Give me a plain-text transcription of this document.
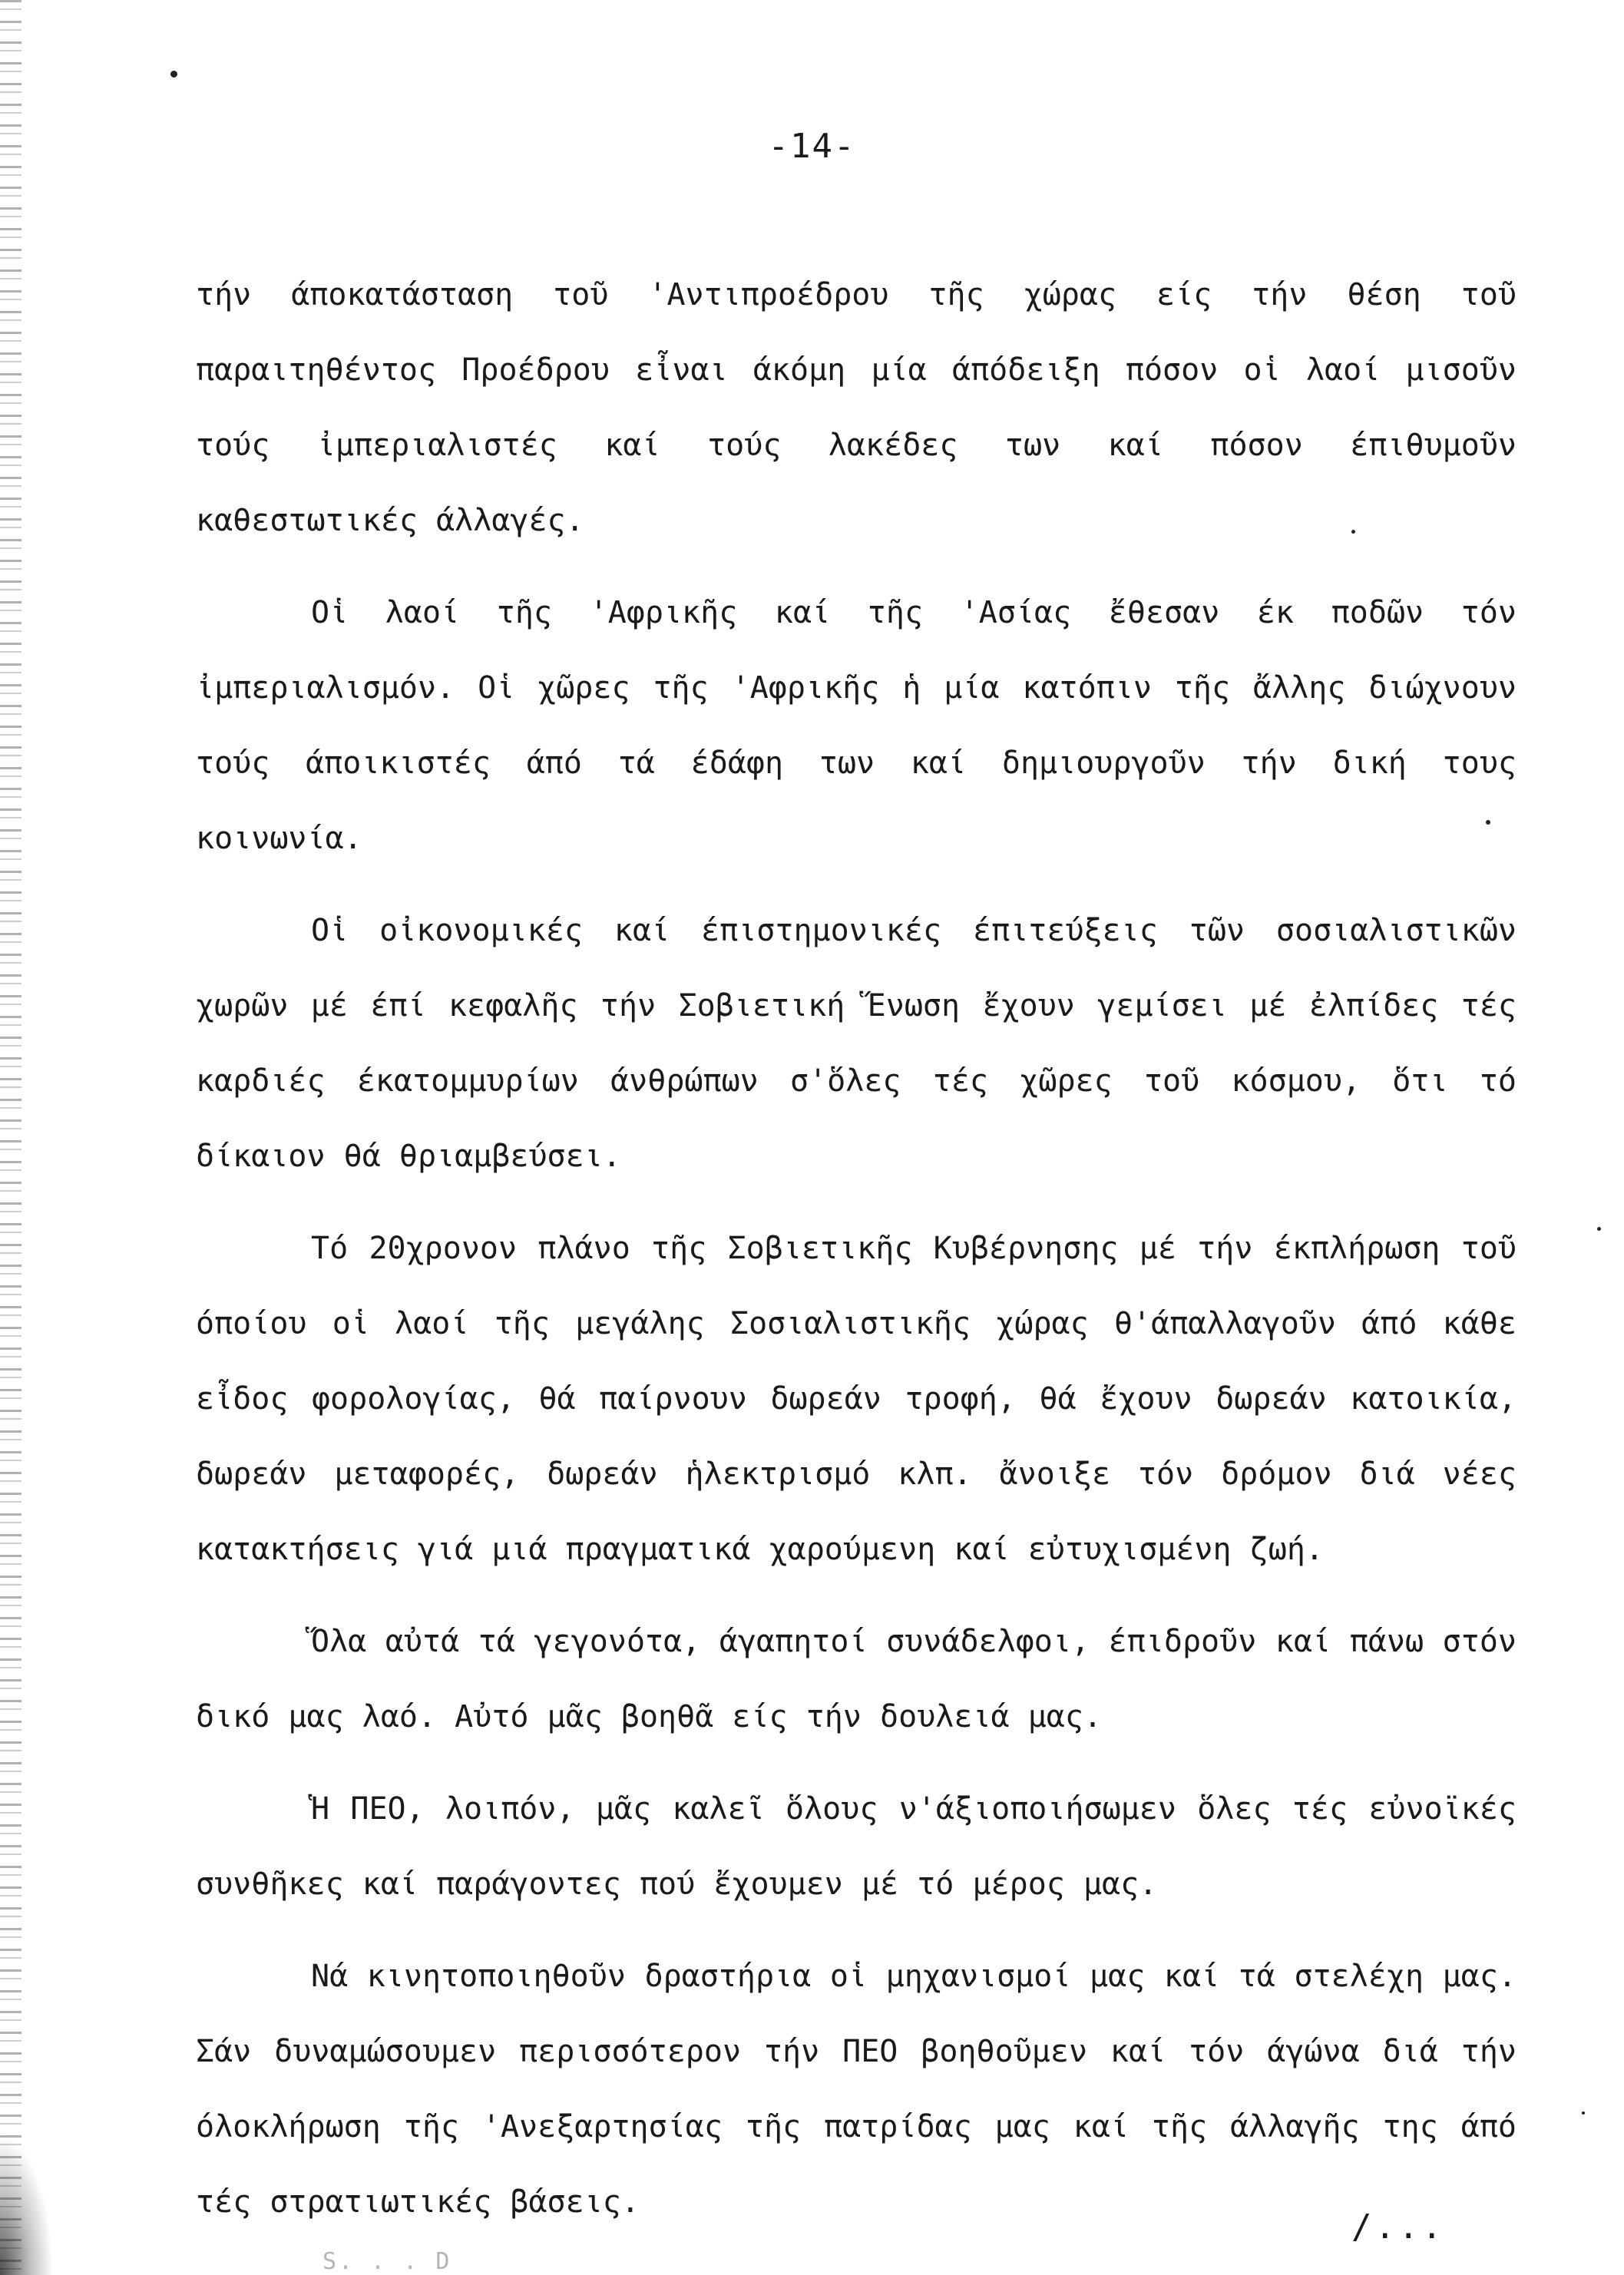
-14-

τήν άποκατάσταση τοῦ 'Αντιπροέδρου τῆς χώρας είς τήν θέση τοῦ παραιτηθέντος Προέδρου εἶναι άκόμη μία άπόδειξη πόσον οἱ λαοί μισοῦν τούς ἰμπεριαλιστές καί τούς λακέδες των καί πόσον έπιθυμοῦν καθεστωτικές άλλαγές.

Οἱ λαοί τῆς 'Αφρικῆς καί τῆς 'Ασίας ἔθεσαν έκ ποδῶν τόν ἰμπεριαλισμόν. Οἱ χῶρες τῆς 'Αφρικῆς ἡ μία κατόπιν τῆς ἄλλης διώχνουν τούς άποικιστές άπό τά έδάφη των καί δημιουργοῦν τήν δική τους κοινωνία.

Οἱ οἰκονομικές καί έπιστημονικές έπιτεύξεις τῶν σοσιαλιστικῶν χωρῶν μέ έπί κεφαλῆς τήν Σοβιετική Ἕνωση ἔχουν γεμίσει μέ ἐλπίδες τές καρδιές έκατομμυρίων άνθρώπων σ'ὅλες τές χῶρες τοῦ κόσμου, ὅτι τό δίκαιον θά θριαμβεύσει.

Τό 20χρονον πλάνο τῆς Σοβιετικῆς Κυβέρνησης μέ τήν έκπλήρωση τοῦ όποίου οἱ λαοί τῆς μεγάλης Σοσιαλιστικῆς χώρας θ'άπαλλαγοῦν άπό κάθε εἶδος φορολογίας, θά παίρνουν δωρεάν τροφή, θά ἔχουν δωρεάν κατοικία, δωρεάν μεταφορές, δωρεάν ἡλεκτρισμό κλπ. ἄνοιξε τόν δρόμον διά νέες κατακτήσεις γιά μιά πραγματικά χαρούμενη καί εὐτυχισμένη ζωή.

Ὅλα αὐτά τά γεγονότα, άγαπητοί συνάδελφοι, έπιδροῦν καί πάνω στόν δικό μας λαό. Αὐτό μᾶς βοηθᾶ είς τήν δουλειά μας.

Ἡ ΠΕΟ, λοιπόν, μᾶς καλεῖ ὅλους ν'άξιοποιήσωμεν ὅλες τές εὐνοϊκές συνθῆκες καί παράγοντες πού ἔχουμεν μέ τό μέρος μας.

Νά κινητοποιηθοῦν δραστήρια οἱ μηχανισμοί μας καί τά στελέχη μας. Σάν δυναμώσουμεν περισσότερον τήν ΠΕΟ βοηθοῦμεν καί τόν άγώνα διά τήν όλοκλήρωση τῆς 'Ανεξαρτησίας τῆς πατρίδας μας καί τῆς άλλαγῆς της άπό τές στρατιωτικές βάσεις.

/...
S. . . D
